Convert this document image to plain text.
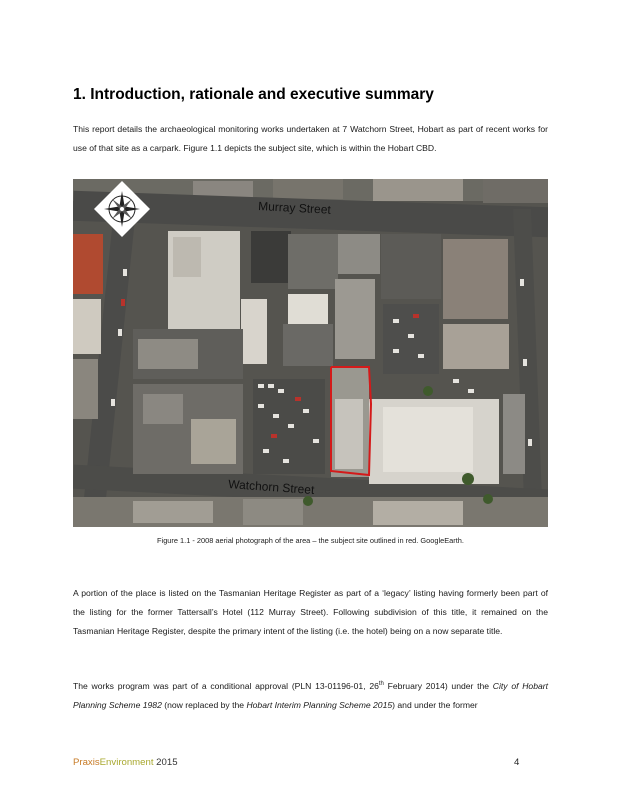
1. Introduction, rationale and executive summary

This report details the archaeological monitoring works undertaken at 7 Watchorn Street, Hobart as part of recent works for use of that site as a carpark. Figure 1.1 depicts the subject site, which is within the Hobart CBD.

Murray Street
Watchorn Street
Figure 1.1 - 2008 aerial photograph of the area – the subject site outlined in red. GoogleEarth.

A portion of the place is listed on the Tasmanian Heritage Register as part of a ‘legacy’ listing having formerly been part of the listing for the former Tattersall’s Hotel (112 Murray Street). Following subdivision of this title, it remained on the Tasmanian Heritage Register, despite the primary intent of the listing (i.e. the hotel) being on a now separate title.

The works program was part of a conditional approval (PLN 13-01196-01, 26th February 2014) under the City of Hobart Planning Scheme 1982 (now replaced by the Hobart Interim Planning Scheme 2015) and under the former

PraxisEnvironment 2015	4
